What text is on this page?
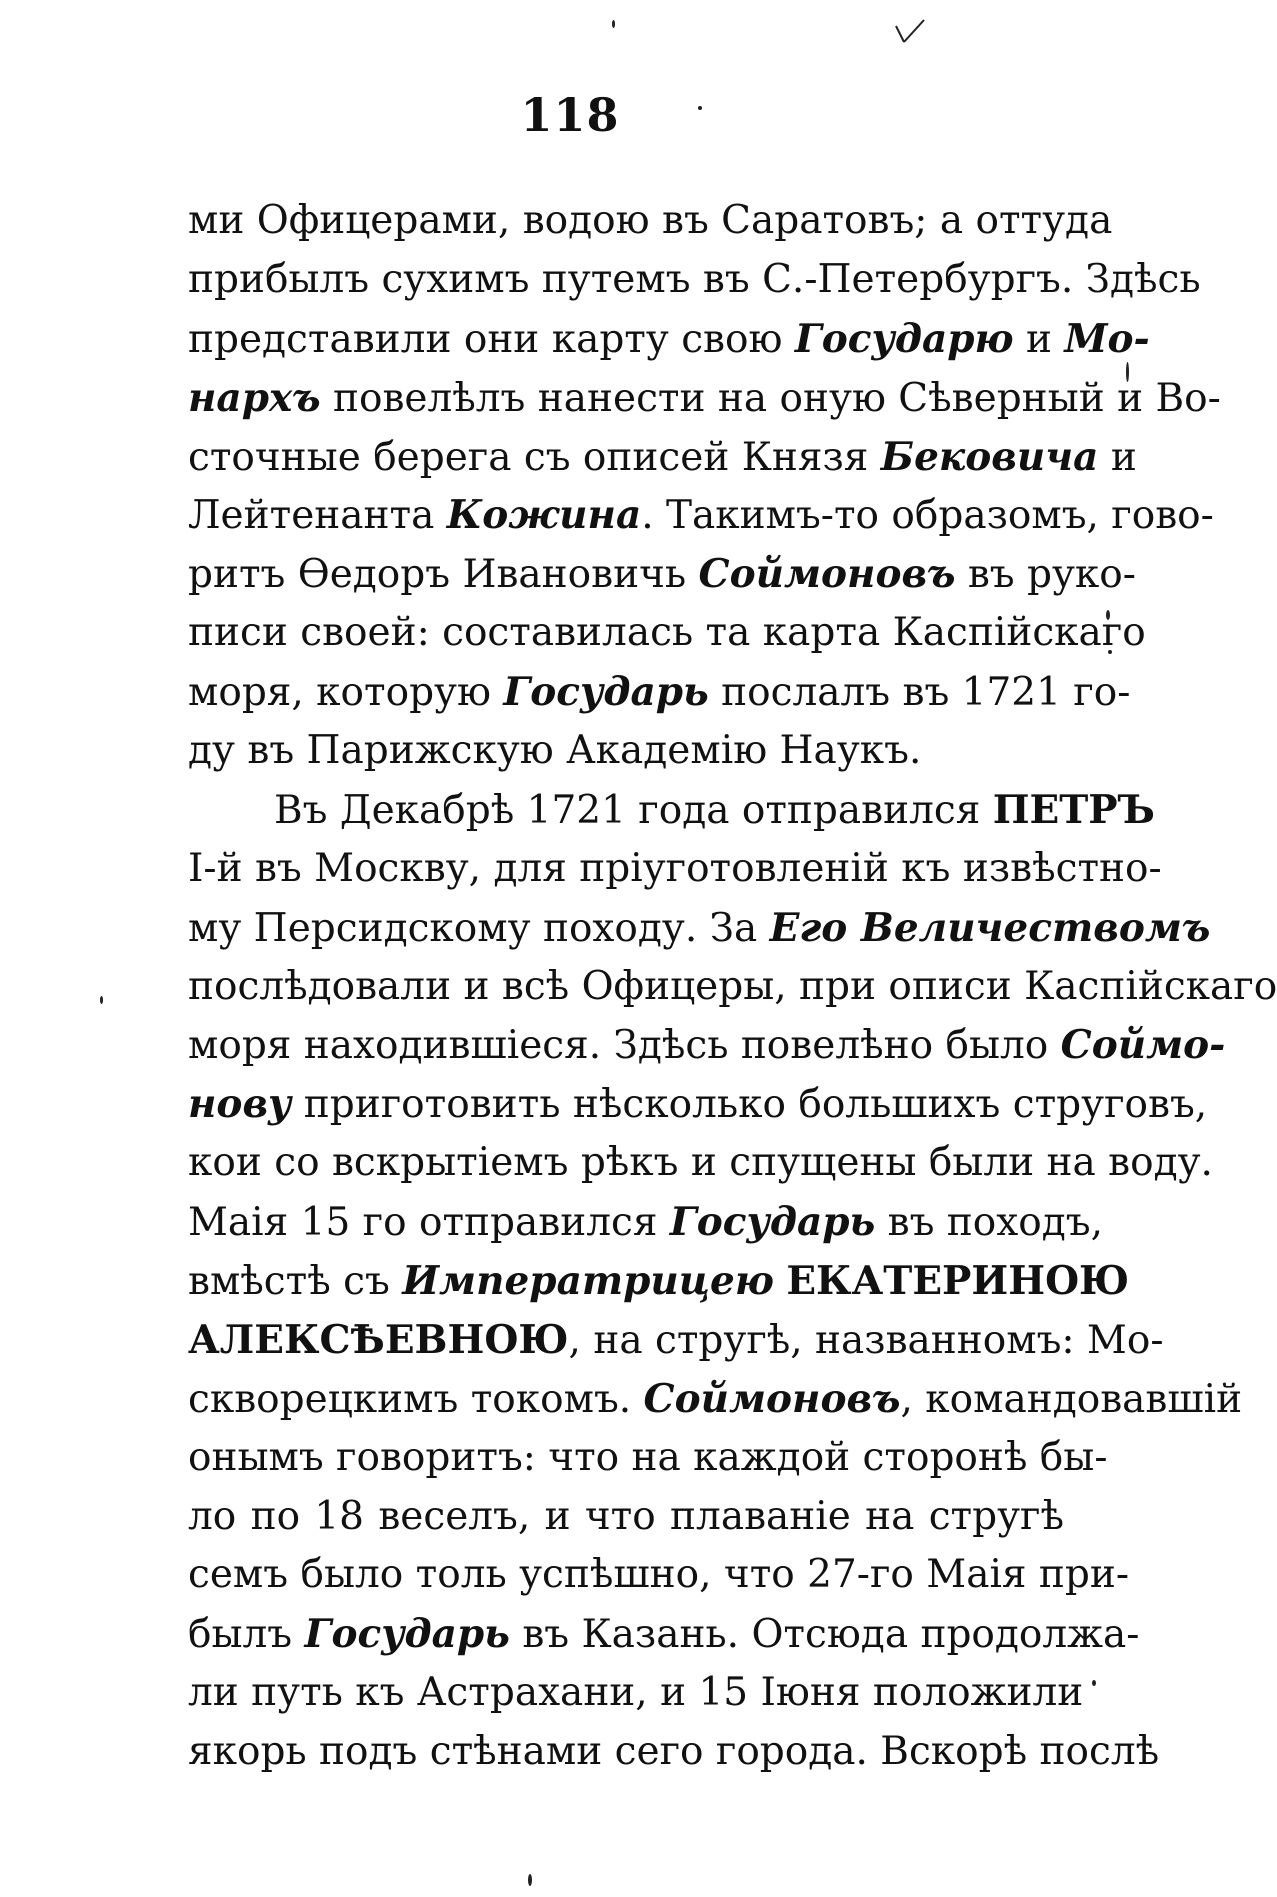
118
ми Офицерами, водою въ Саратовъ; а оттуда
прибылъ сухимъ путемъ въ С.-Петербургъ. Здѣсь
представили они карту свою Государю и Мо-
нархъ повелѣлъ нанести на оную Сѣверный и Во-
сточные берега съ описей Князя Бековича и
Лейтенанта Кожина. Такимъ-то образомъ, гово-
ритъ Ѳедоръ Ивановичь Соймоновъ въ руко-
писи своей: составилась та карта Каспійскаго
моря, которую Государь послалъ въ 1721 го-
ду въ Парижскую Академію Наукъ.
Въ Декабрѣ 1721 года отправился ПЕТРЪ
І-й въ Москву, для пріуготовленій къ извѣстно-
му Персидскому походу. За Его Величествомъ
послѣдовали и всѣ Офицеры, при описи Каспійскаго
моря находившіеся. Здѣсь повелѣно было Соймо-
нову приготовить нѣсколько большихъ струговъ,
кои со вскрытіемъ рѣкъ и спущены были на воду.
Маія 15 го отправился Государь въ походъ,
вмѣстѣ съ Императрицею ЕКАТЕРИНОЮ
АЛЕКСѢЕВНОЮ, на стругѣ, названномъ: Мо-
скворецкимъ токомъ. Соймоновъ, командовавшій
онымъ говоритъ: что на каждой сторонѣ бы-
ло по 18 веселъ, и что плаваніе на стругѣ
семъ было толь успѣшно, что 27-го Маія при-
былъ Государь въ Казань. Отсюда продолжа-
ли путь къ Астрахани, и 15 Іюня положили
якорь подъ стѣнами сего города. Вскорѣ послѣ
